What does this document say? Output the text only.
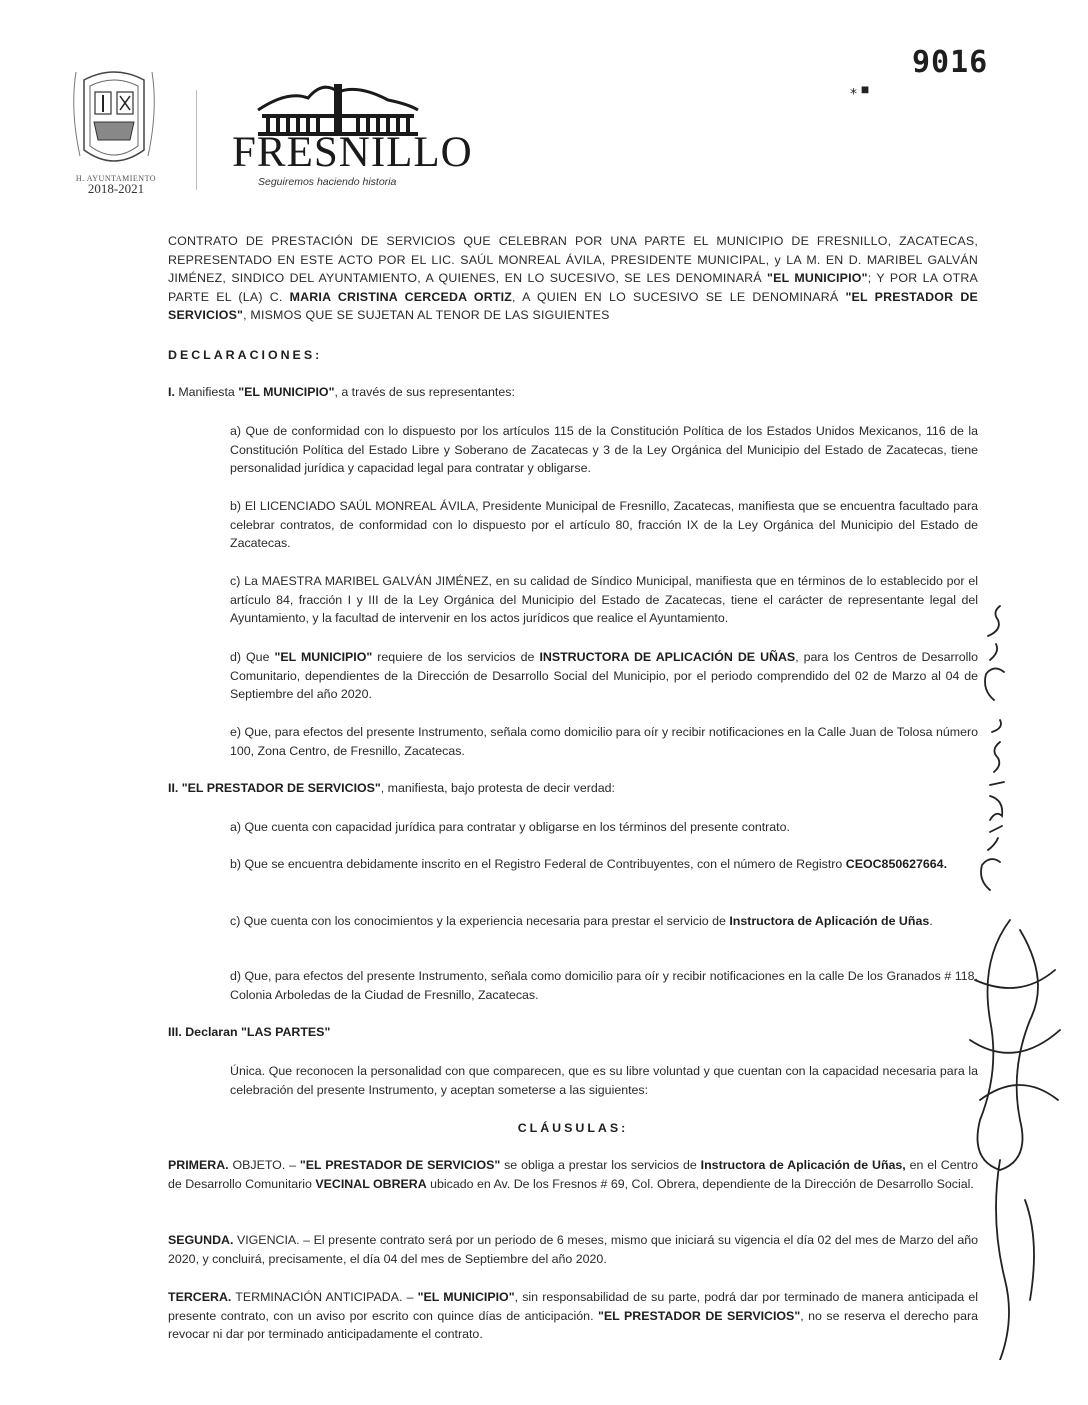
H. AYUNTAMIENTO
2018-2021
FRESNILLO
Seguiremos haciendo historia
⁎ ■
9016

CONTRATO DE PRESTACIÓN DE SERVICIOS QUE CELEBRAN POR UNA PARTE EL MUNICIPIO DE FRESNILLO, ZACATECAS, REPRESENTADO EN ESTE ACTO POR EL LIC. SAÚL MONREAL ÁVILA, PRESIDENTE MUNICIPAL, y LA M. EN D. MARIBEL GALVÁN JIMÉNEZ, SINDICO DEL AYUNTAMIENTO, A QUIENES, EN LO SUCESIVO, SE LES DENOMINARÁ "EL MUNICIPIO"; Y POR LA OTRA PARTE EL (LA) C. MARIA CRISTINA CERCEDA ORTIZ, A QUIEN EN LO SUCESIVO SE LE DENOMINARÁ "EL PRESTADOR DE SERVICIOS", MISMOS QUE SE SUJETAN AL TENOR DE LAS SIGUIENTES

DECLARACIONES:
I. Manifiesta "EL MUNICIPIO", a través de sus representantes:

a) Que de conformidad con lo dispuesto por los artículos 115 de la Constitución Política de los Estados Unidos Mexicanos, 116 de la Constitución Política del Estado Libre y Soberano de Zacatecas y 3 de la Ley Orgánica del Municipio del Estado de Zacatecas, tiene personalidad jurídica y capacidad legal para contratar y obligarse.

b) El LICENCIADO SAÚL MONREAL ÁVILA, Presidente Municipal de Fresnillo, Zacatecas, manifiesta que se encuentra facultado para celebrar contratos, de conformidad con lo dispuesto por el artículo 80, fracción IX de la Ley Orgánica del Municipio del Estado de Zacatecas.

c) La MAESTRA MARIBEL GALVÁN JIMÉNEZ, en su calidad de Síndico Municipal, manifiesta que en términos de lo establecido por el artículo 84, fracción I y III de la Ley Orgánica del Municipio del Estado de Zacatecas, tiene el carácter de representante legal del Ayuntamiento, y la facultad de intervenir en los actos jurídicos que realice el Ayuntamiento.

d) Que "EL MUNICIPIO" requiere de los servicios de INSTRUCTORA DE APLICACIÓN DE UÑAS, para los Centros de Desarrollo Comunitario, dependientes de la Dirección de Desarrollo Social del Municipio, por el periodo comprendido del 02 de Marzo al 04 de Septiembre del año 2020.

e) Que, para efectos del presente Instrumento, señala como domicilio para oír y recibir notificaciones en la Calle Juan de Tolosa número 100, Zona Centro, de Fresnillo, Zacatecas.

II. "EL PRESTADOR DE SERVICIOS", manifiesta, bajo protesta de decir verdad:

a) Que cuenta con capacidad jurídica para contratar y obligarse en los términos del presente contrato.

b) Que se encuentra debidamente inscrito en el Registro Federal de Contribuyentes, con el número de Registro CEOC850627664.

c) Que cuenta con los conocimientos y la experiencia necesaria para prestar el servicio de Instructora de Aplicación de Uñas.

d) Que, para efectos del presente Instrumento, señala como domicilio para oír y recibir notificaciones en la calle De los Granados # 118, Colonia Arboledas de la Ciudad de Fresnillo, Zacatecas.

III. Declaran "LAS PARTES"

Única. Que reconocen la personalidad con que comparecen, que es su libre voluntad y que cuentan con la capacidad necesaria para la celebración del presente Instrumento, y aceptan someterse a las siguientes:

CLÁUSULAS:

PRIMERA. OBJETO. – "EL PRESTADOR DE SERVICIOS" se obliga a prestar los servicios de Instructora de Aplicación de Uñas, en el Centro de Desarrollo Comunitario VECINAL OBRERA ubicado en Av. De los Fresnos # 69, Col. Obrera, dependiente de la Dirección de Desarrollo Social.

SEGUNDA. VIGENCIA. – El presente contrato será por un periodo de 6 meses, mismo que iniciará su vigencia el día 02 del mes de Marzo del año 2020, y concluirá, precisamente, el día 04 del mes de Septiembre del año 2020.

TERCERA. TERMINACIÓN ANTICIPADA. – "EL MUNICIPIO", sin responsabilidad de su parte, podrá dar por terminado de manera anticipada el presente contrato, con un aviso por escrito con quince días de anticipación. "EL PRESTADOR DE SERVICIOS", no se reserva el derecho para revocar ni dar por terminado anticipadamente el contrato.
